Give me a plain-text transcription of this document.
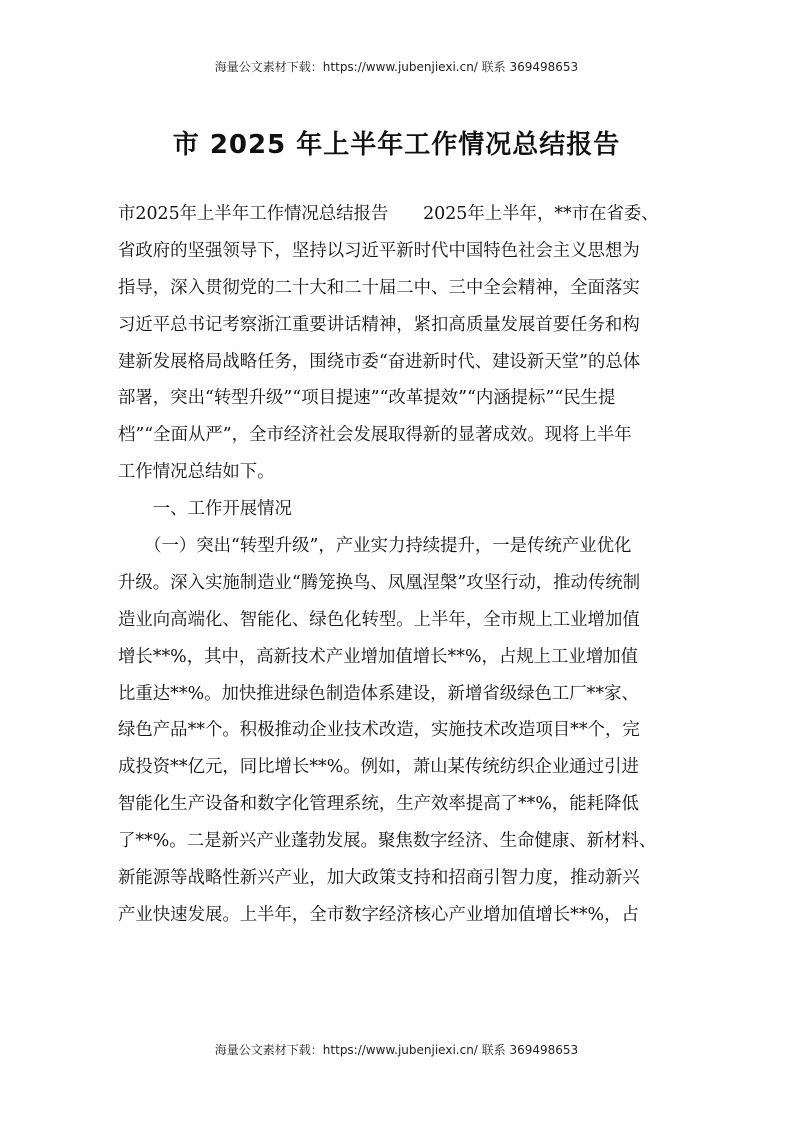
海量公文素材下载：https://www.jubenjiexi.cn/ 联系 369498653
市 2025 年上半年工作情况总结报告
市2025年上半年工作情况总结报告　　2025年上半年，**市在省委、
省政府的坚强领导下，坚持以习近平新时代中国特色社会主义思想为
指导，深入贯彻党的二十大和二十届二中、三中全会精神，全面落实
习近平总书记考察浙江重要讲话精神，紧扣高质量发展首要任务和构
建新发展格局战略任务，围绕市委“奋进新时代、建设新天堂”的总体
部署，突出“转型升级”“项目提速”“改革提效”“内涵提标”“民生提
档”“全面从严”，全市经济社会发展取得新的显著成效。现将上半年
工作情况总结如下。
　　一、工作开展情况
　　（一）突出“转型升级”，产业实力持续提升，一是传统产业优化
升级。深入实施制造业“腾笼换鸟、凤凰涅槃”攻坚行动，推动传统制
造业向高端化、智能化、绿色化转型。上半年，全市规上工业增加值
增长**%，其中，高新技术产业增加值增长**%，占规上工业增加值
比重达**%。加快推进绿色制造体系建设，新增省级绿色工厂**家、
绿色产品**个。积极推动企业技术改造，实施技术改造项目**个，完
成投资**亿元，同比增长**%。例如，萧山某传统纺织企业通过引进
智能化生产设备和数字化管理系统，生产效率提高了**%，能耗降低
了**%。二是新兴产业蓬勃发展。聚焦数字经济、生命健康、新材料、
新能源等战略性新兴产业，加大政策支持和招商引智力度，推动新兴
产业快速发展。上半年，全市数字经济核心产业增加值增长**%，占
海量公文素材下载：https://www.jubenjiexi.cn/ 联系 369498653
